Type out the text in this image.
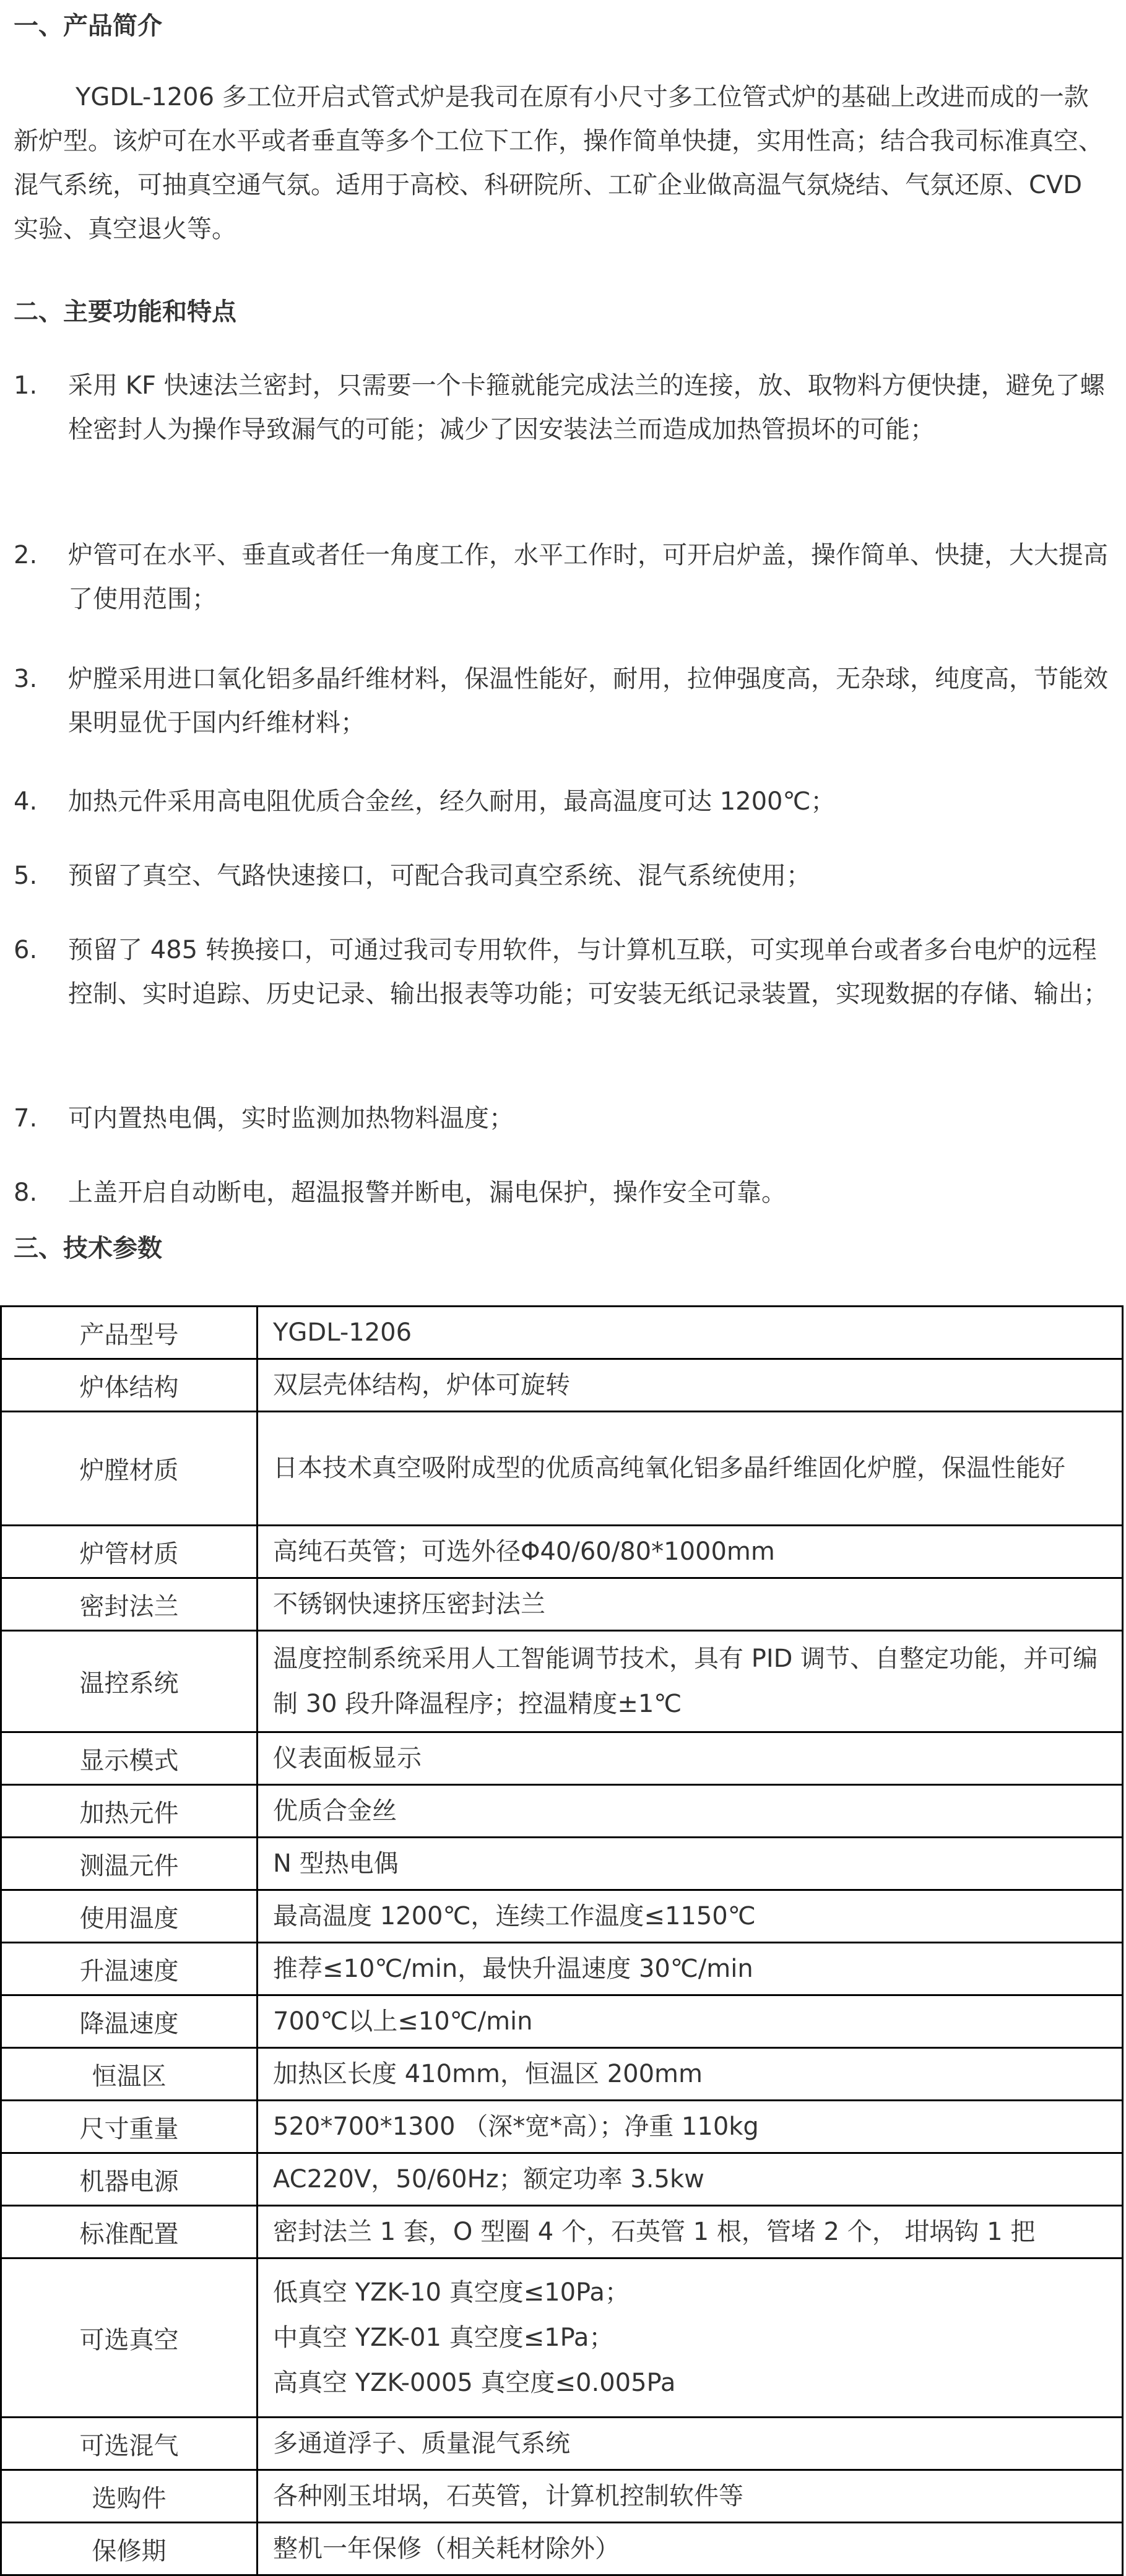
一、产品简介
YGDL-1206 多工位开启式管式炉是我司在原有小尺寸多工位管式炉的基础上改进而成的一款新炉型。该炉可在水平或者垂直等多个工位下工作，操作简单快捷，实用性高；结合我司标准真空、混气系统，可抽真空通气氛。适用于高校、科研院所、工矿企业做高温气氛烧结、气氛还原、CVD 实验、真空退火等。
二、主要功能和特点
1.	采用 KF 快速法兰密封，只需要一个卡箍就能完成法兰的连接，放、取物料方便快捷，避免了螺栓密封人为操作导致漏气的可能；减少了因安装法兰而造成加热管损坏的可能；
2.	炉管可在水平、垂直或者任一角度工作，水平工作时，可开启炉盖，操作简单、快捷，大大提高了使用范围；
3.	炉膛采用进口氧化铝多晶纤维材料，保温性能好，耐用，拉伸强度高，无杂球，纯度高，节能效果明显优于国内纤维材料；
4.	加热元件采用高电阻优质合金丝，经久耐用，最高温度可达 1200℃；
5.	预留了真空、气路快速接口，可配合我司真空系统、混气系统使用；
6.	预留了 485 转换接口，可通过我司专用软件，与计算机互联，可实现单台或者多台电炉的远程控制、实时追踪、历史记录、输出报表等功能；可安装无纸记录装置，实现数据的存储、输出；
7.	可内置热电偶，实时监测加热物料温度；
8.	上盖开启自动断电，超温报警并断电，漏电保护，操作安全可靠。
三、技术参数
产品型号	YGDL-1206
炉体结构	双层壳体结构，炉体可旋转
炉膛材质	日本技术真空吸附成型的优质高纯氧化铝多晶纤维固化炉膛，保温性能好
炉管材质	高纯石英管；可选外径Φ40/60/80*1000mm
密封法兰	不锈钢快速挤压密封法兰
温控系统	温度控制系统采用人工智能调节技术，具有 PID 调节、自整定功能，并可编制 30 段升降温程序；控温精度±1℃
显示模式	仪表面板显示
加热元件	优质合金丝
测温元件	N 型热电偶
使用温度	最高温度 1200℃，连续工作温度≤1150℃
升温速度	推荐≤10℃/min，最快升温速度 30℃/min
降温速度	700℃以上≤10℃/min
恒温区	加热区长度 410mm，恒温区 200mm
尺寸重量	520*700*1300 （深*宽*高）；净重 110kg
机器电源	AC220V，50/60Hz；额定功率 3.5kw
标准配置	密封法兰 1 套，O 型圈 4 个，石英管 1 根，管堵 2 个， 坩埚钩 1 把
可选真空	低真空 YZK-10 真空度≤10Pa；
中真空 YZK-01 真空度≤1Pa；
高真空 YZK-0005 真空度≤0.005Pa

可选混气	多通道浮子、质量混气系统
选购件	各种刚玉坩埚，石英管，计算机控制软件等
保修期	整机一年保修（相关耗材除外）
